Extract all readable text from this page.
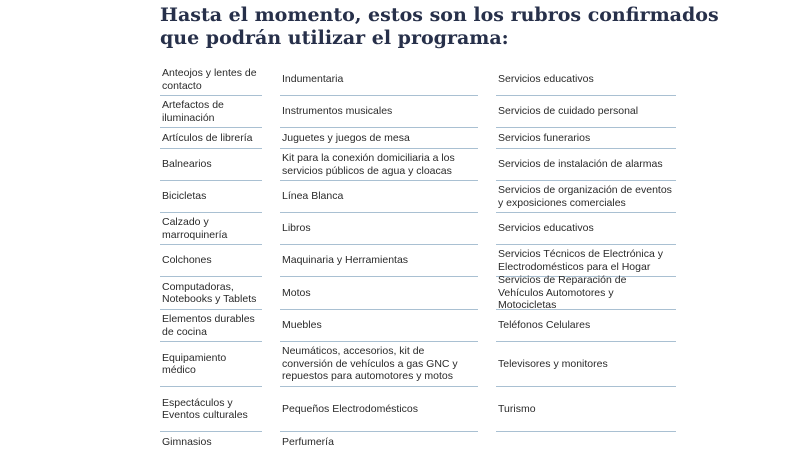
Hasta el momento, estos son los rubros confirmados
que podrán utilizar el programa:
Anteojos y lentes de contacto
Artefactos de iluminación
Artículos de librería
Balnearios
Bicicletas
Calzado y marroquinería
Colchones
Computadoras, Notebooks y Tablets
Elementos durables de cocina
Equipamiento médico
Espectáculos y Eventos culturales
Gimnasios
Indumentaria
Instrumentos musicales
Juguetes y juegos de mesa
Kit para la conexión domiciliaria a los servicios públicos de agua y cloacas
Línea Blanca
Libros
Maquinaria y Herramientas
Motos
Muebles
Neumáticos, accesorios, kit de conversión de vehículos a gas GNC y repuestos para automotores y motos
Pequeños Electrodomésticos
Perfumería
Servicios educativos
Servicios de cuidado personal
Servicios funerarios
Servicios de instalación de alarmas
Servicios de organización de eventos y exposiciones comerciales
Servicios educativos
Servicios Técnicos de Electrónica y Electrodomésticos para el Hogar
Servicios de Reparación de Vehículos Automotores y Motocicletas
Teléfonos Celulares
Televisores y monitores
Turismo
